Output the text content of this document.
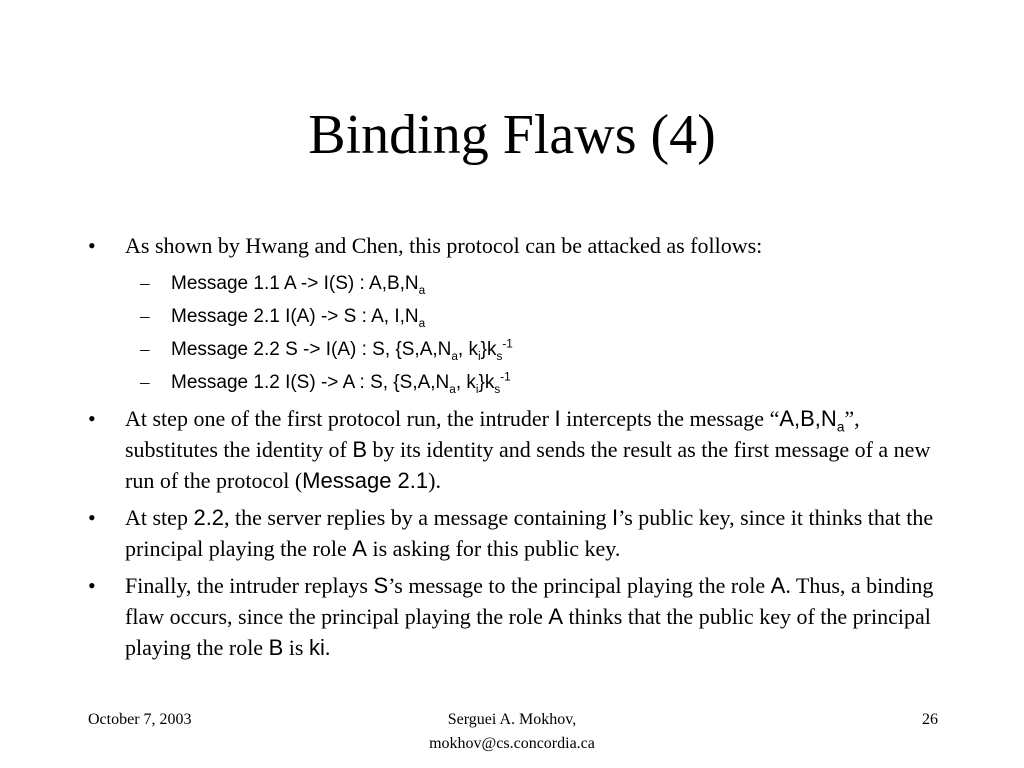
Binding Flaws (4)
• As shown by Hwang and Chen, this protocol can be attacked as follows:
– Message 1.1 A -> I(S) : $A,B,N_a$
– Message 2.1 I(A) -> S : A, $I,N_a$
– Message 2.2 S -> I(A) : S, {$S,A,N_a$, $k_i\}k_s^{-1}$
– Message 1.2 I(S) -> A : S, {$S,A,N_a$, $k_i\}k_s^{-1}$
• At step one of the first protocol run, the intruder I intercepts the message “$A,B,N_a$”, substitutes the identity of B by its identity and sends the result as the first message of a new run of the protocol (Message 2.1).
• At step 2.2, the server replies by a message containing I’s public key, since it thinks that the principal playing the role A is asking for this public key.
• Finally, the intruder replays S’s message to the principal playing the role A. Thus, a binding flaw occurs, since the principal playing the role A thinks that the public key of the principal playing the role B is ki.
October 7, 2003	Serguei A. Mokhov,
mokhov@cs.concordia.ca
26
